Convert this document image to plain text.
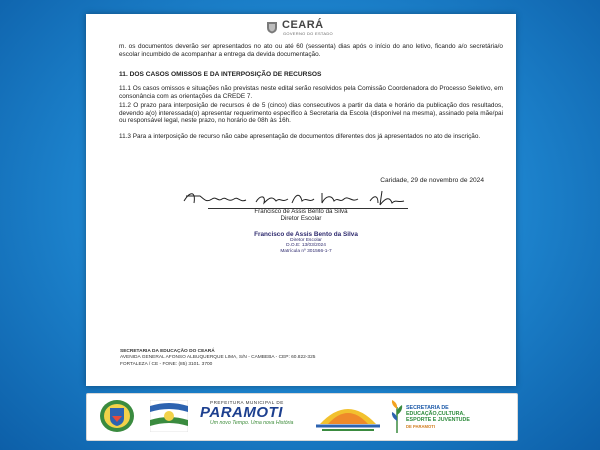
CEARÁ
GOVERNO DO ESTADO

m. os documentos deverão ser apresentados no ato ou até 60 (sessenta) dias após o início do ano letivo, ficando a/o secretária/o escolar incumbido de acompanhar a entrega da devida documentação.

11. DOS CASOS OMISSOS E DA INTERPOSIÇÃO DE RECURSOS

11.1 Os casos omissos e situações não previstas neste edital serão resolvidos pela Comissão Coordenadora do Processo Seletivo, em consonância com as orientações da CREDE 7.

11.2 O prazo para interposição de recursos é de 5 (cinco) dias consecutivos a partir da data e horário da publicação dos resultados, devendo a(o) interessada(o) apresentar requerimento específico à Secretaria da Escola (disponível na mesma), assinado pela mãe/pai ou responsável legal, neste prazo, no horário de 08h às 16h.

11.3 Para a interposição de recurso não cabe apresentação de documentos diferentes dos já apresentados no ato de inscrição.

Caridade, 29 de novembro de 2024
Francisco de Assis Bento da Silva
Diretor Escolar
Francisco de Assis Bento da Silva
Diretor Escolar
D.O.E: 13/03/2024
Matrícula nº 301566-1-7
SECRETARIA DA EDUCAÇÃO DO CEARÁ
AVENIDA GENERAL AFONSO ALBUQUERQUE LIMA, S/N - CAMBEBA - CEP: 60.822-325
FORTALEZA / CE - FONE: (85) 3101. 3700
PREFEITURA MUNICIPAL DE
PARAMOTI
Um novo Tempo. Uma nova História
SECRETARIA DE
EDUCAÇÃO,CULTURA,
ESPORTE E JUVENTUDE
DE PARAMOTI
